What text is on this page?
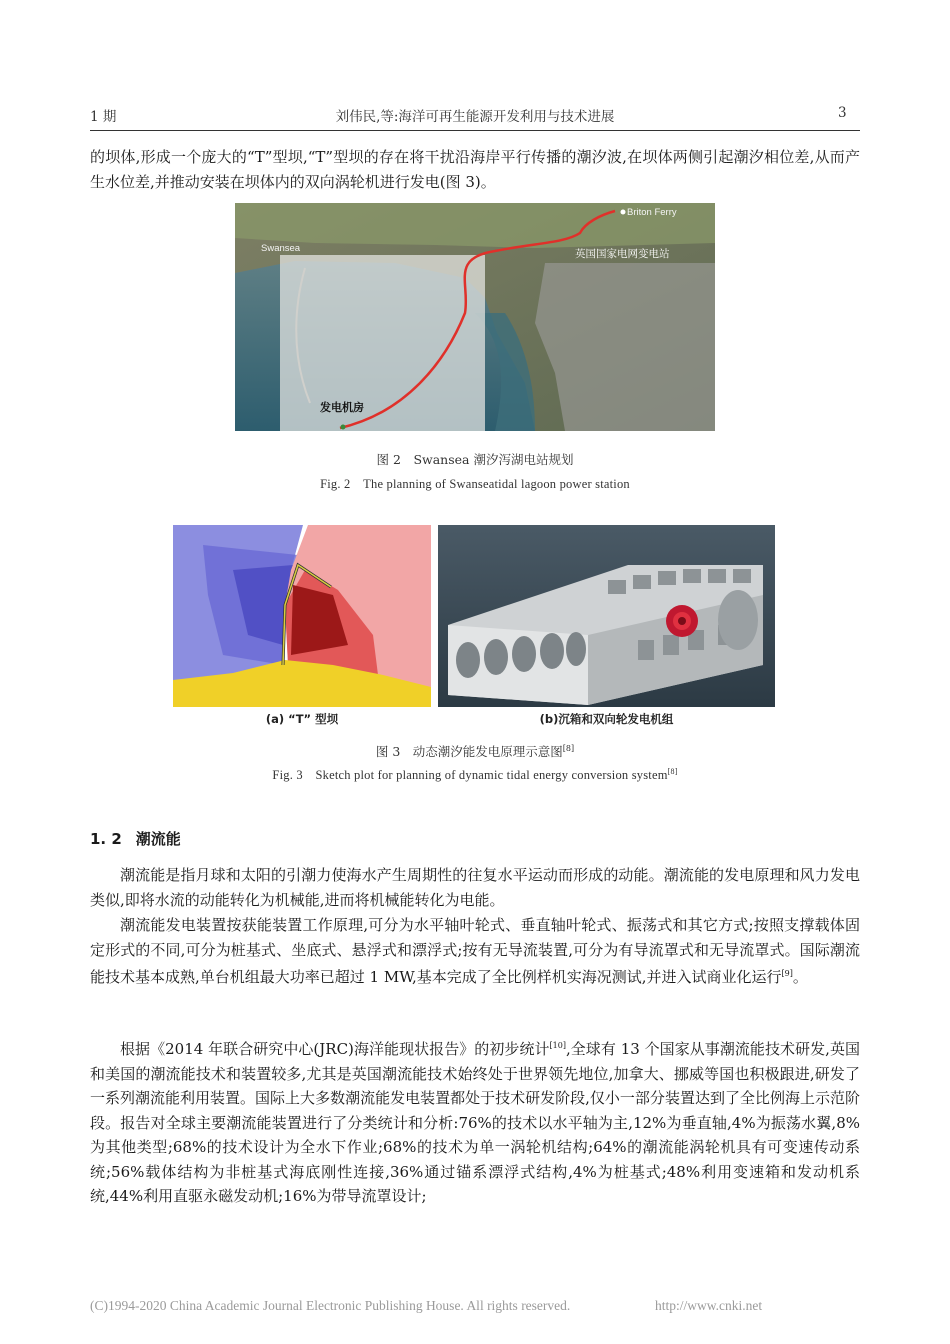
1 期	刘伟民,等:海洋可再生能源开发利用与技术进展	3

的坝体,形成一个庞大的“T”型坝,“T”型坝的存在将干扰沿海岸平行传播的潮汐波,在坝体两侧引起潮汐相位差,从而产生水位差,并推动安装在坝体内的双向涡轮机进行发电(图 3)。

Swansea
Briton Ferry
英国国家电网变电站
发电机房
图 2　Swansea 潮汐泻湖电站规划
Fig. 2　The planning of Swanseatidal lagoon power station
(a) “T” 型坝	(b)沉箱和双向轮发电机组
图 3　动态潮汐能发电原理示意图[8]
Fig. 3　Sketch plot for planning of dynamic tidal energy conversion system[8]
1. 2 潮流能

潮流能是指月球和太阳的引潮力使海水产生周期性的往复水平运动而形成的动能。潮流能的发电原理和风力发电类似,即将水流的动能转化为机械能,进而将机械能转化为电能。

潮流能发电装置按获能装置工作原理,可分为水平轴叶轮式、垂直轴叶轮式、振荡式和其它方式;按照支撑载体固定形式的不同,可分为桩基式、坐底式、悬浮式和漂浮式;按有无导流装置,可分为有导流罩式和无导流罩式。国际潮流能技术基本成熟,单台机组最大功率已超过 1 MW,基本完成了全比例样机实海况测试,并进入试商业化运行[9]。

根据《2014 年联合研究中心(JRC)海洋能现状报告》的初步统计[10],全球有 13 个国家从事潮流能技术研发,英国和美国的潮流能技术和装置较多,尤其是英国潮流能技术始终处于世界领先地位,加拿大、挪威等国也积极跟进,研发了一系列潮流能利用装置。国际上大多数潮流能发电装置都处于技术研发阶段,仅小一部分装置达到了全比例海上示范阶段。报告对全球主要潮流能装置进行了分类统计和分析:76%的技术以水平轴为主,12%为垂直轴,4%为振荡水翼,8%为其他类型;68%的技术设计为全水下作业;68%的技术为单一涡轮机结构;64%的潮流能涡轮机具有可变速传动系统;56%载体结构为非桩基式海底刚性连接,36%通过锚系漂浮式结构,4%为桩基式;48%利用变速箱和发动机系统,44%利用直驱永磁发动机;16%为带导流罩设计;

(C)1994-2020 China Academic Journal Electronic Publishing House. All rights reserved.	http://www.cnki.net
